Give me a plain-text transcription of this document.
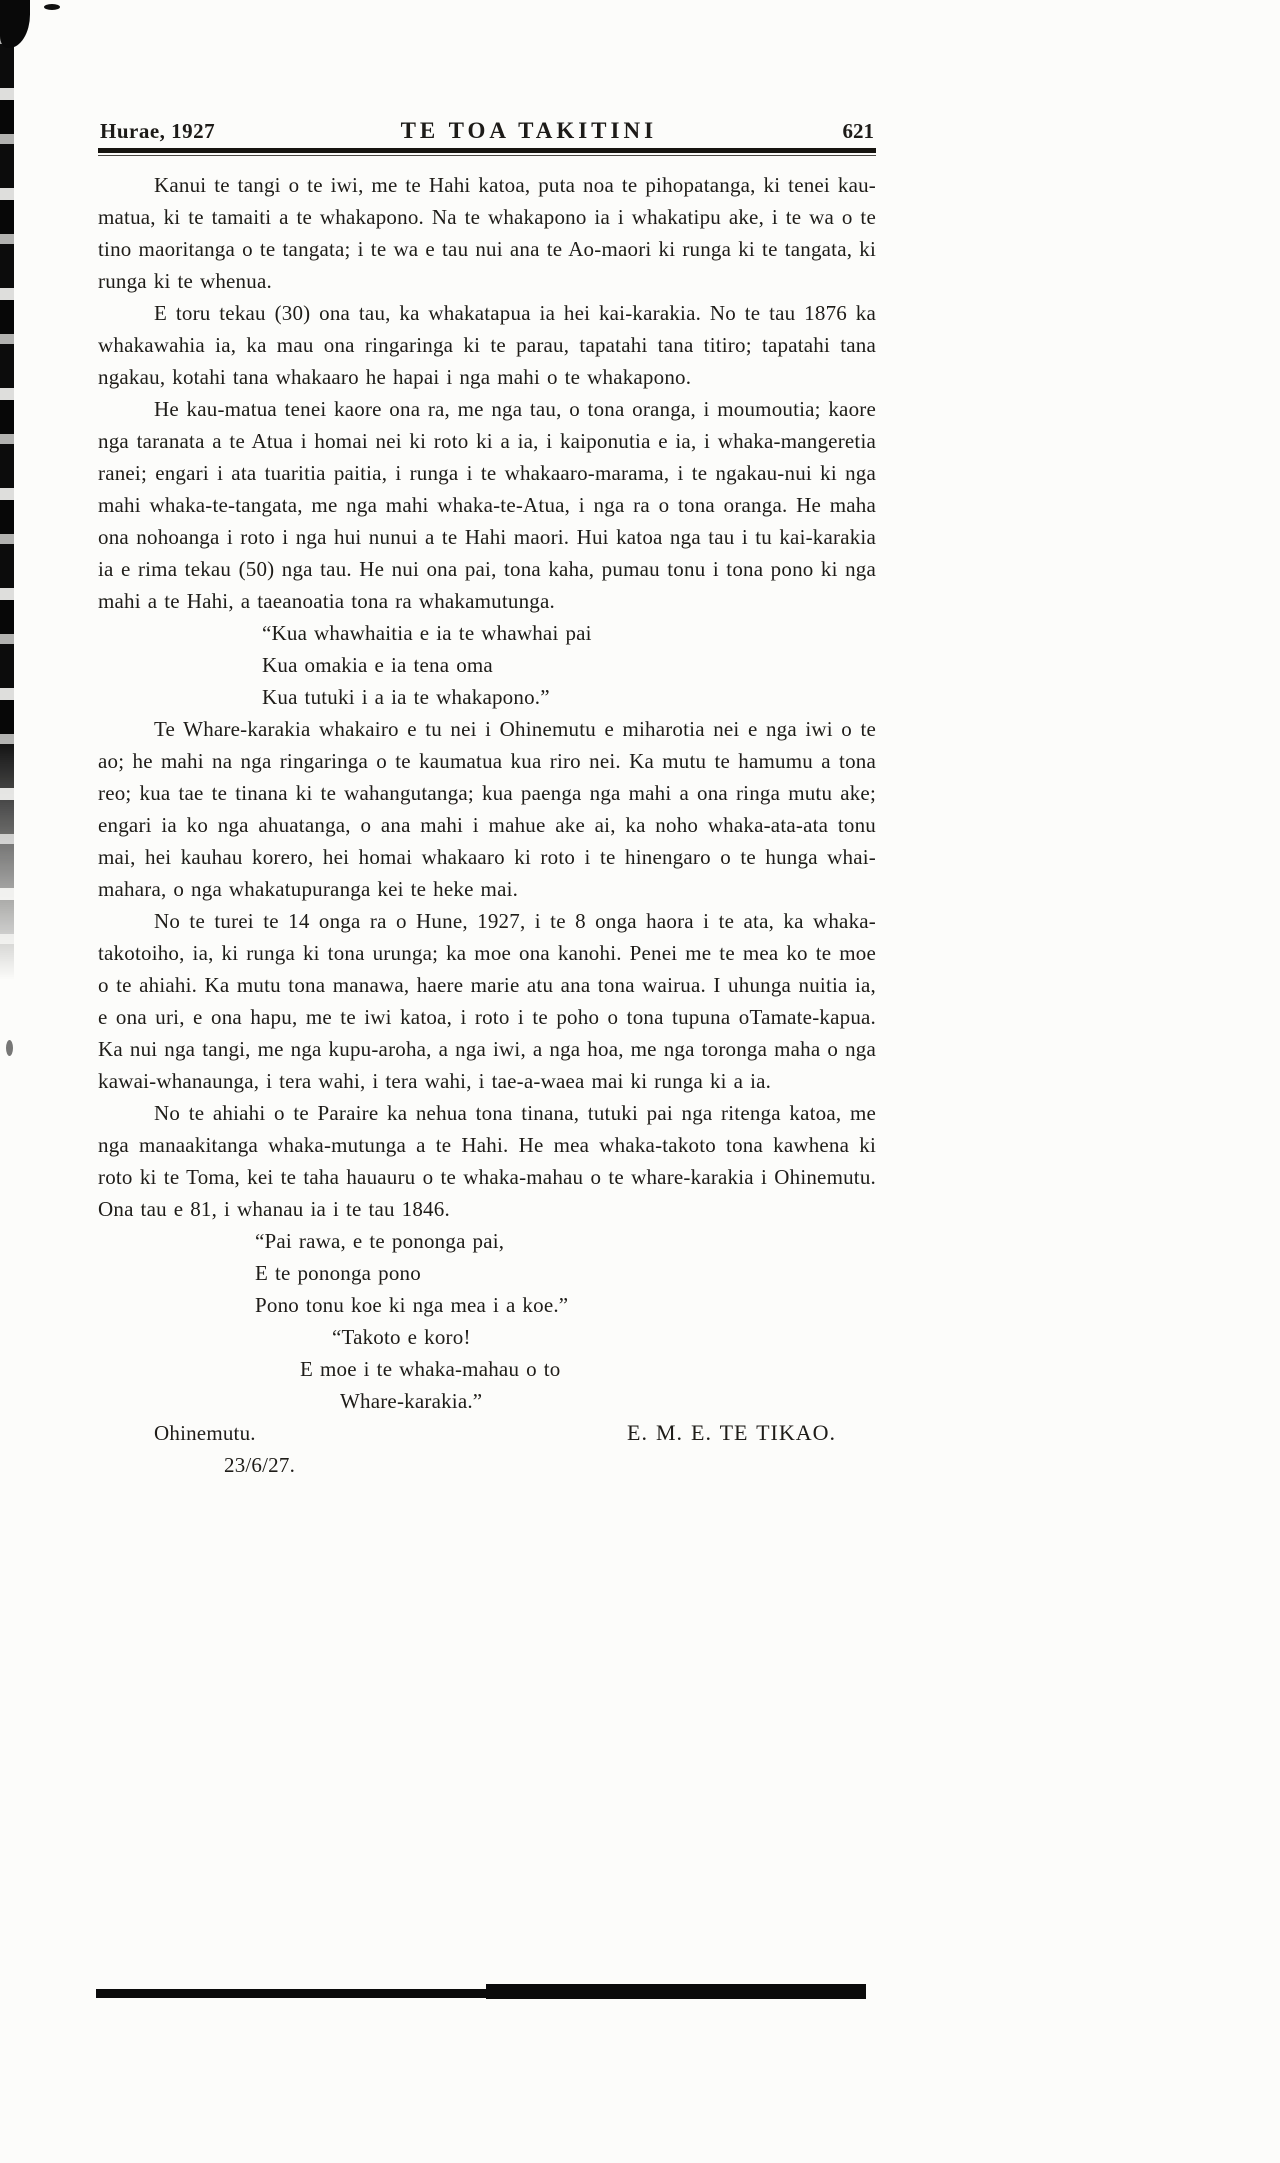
Hurae, 1927	TE TOA TAKITINI	621

Kanui te tangi o te iwi, me te Hahi katoa, puta noa te pihopatanga, ki tenei kau-matua, ki te tamaiti a te whakapono. Na te whakapono ia i whakatipu ake, i te wa o te tino maoritanga o te tangata; i te wa e tau nui ana te Ao-maori ki runga ki te tangata, ki runga ki te whenua.

E toru tekau (30) ona tau, ka whakatapua ia hei kai-karakia. No te tau 1876 ka whakawahia ia, ka mau ona ringaringa ki te parau, tapatahi tana titiro; tapatahi tana ngakau, kotahi tana whakaaro he hapai i nga mahi o te whakapono.

He kau-matua tenei kaore ona ra, me nga tau, o tona oranga, i moumoutia; kaore nga taranata a te Atua i homai nei ki roto ki a ia, i kaiponutia e ia, i whaka-mangeretia ranei; engari i ata tuaritia paitia, i runga i te whakaaro-marama, i te ngakau-nui ki nga mahi whaka-te-tangata, me nga mahi whaka-te-Atua, i nga ra o tona oranga. He maha ona nohoanga i roto i nga hui nunui a te Hahi maori. Hui katoa nga tau i tu kai-karakia ia e rima tekau (50) nga tau. He nui ona pai, tona kaha, pumau tonu i tona pono ki nga mahi a te Hahi, a taeanoatia tona ra whakamutunga.

“Kua whawhaitia e ia te whawhai pai
Kua omakia e ia tena oma
Kua tutuki i a ia te whakapono.”

Te Whare-karakia whakairo e tu nei i Ohinemutu e miharotia nei e nga iwi o te ao; he mahi na nga ringaringa o te kaumatua kua riro nei. Ka mutu te hamumu a tona reo; kua tae te tinana ki te wahangutanga; kua paenga nga mahi a ona ringa mutu ake; engari ia ko nga ahuatanga, o ana mahi i mahue ake ai, ka noho whaka-ata-ata tonu mai, hei kauhau korero, hei homai whakaaro ki roto i te hinengaro o te hunga whai-mahara, o nga whakatupuranga kei te heke mai.

No te turei te 14 onga ra o Hune, 1927, i te 8 onga haora i te ata, ka whaka-takotoiho, ia, ki runga ki tona urunga; ka moe ona kanohi. Penei me te mea ko te moe o te ahiahi. Ka mutu tona manawa, haere marie atu ana tona wairua. I uhunga nuitia ia, e ona uri, e ona hapu, me te iwi katoa, i roto i te poho o tona tupuna oTamate-kapua. Ka nui nga tangi, me nga kupu-aroha, a nga iwi, a nga hoa, me nga toronga maha o nga kawai-whanaunga, i tera wahi, i tera wahi, i tae-a-waea mai ki runga ki a ia.

No te ahiahi o te Paraire ka nehua tona tinana, tutuki pai nga ritenga katoa, me nga manaakitanga whaka-mutunga a te Hahi. He mea whaka-takoto tona kawhena ki roto ki te Toma, kei te taha hauauru o te whaka-mahau o te whare-karakia i Ohinemutu. Ona tau e 81, i whanau ia i te tau 1846.

“Pai rawa, e te pononga pai,
E te pononga pono
Pono tonu koe ki nga mea i a koe.”
“Takoto e koro!
E moe i te whaka-mahau o to
Whare-karakia.”
Ohinemutu.	E. M. E. TE TIKAO.
23/6/27.
